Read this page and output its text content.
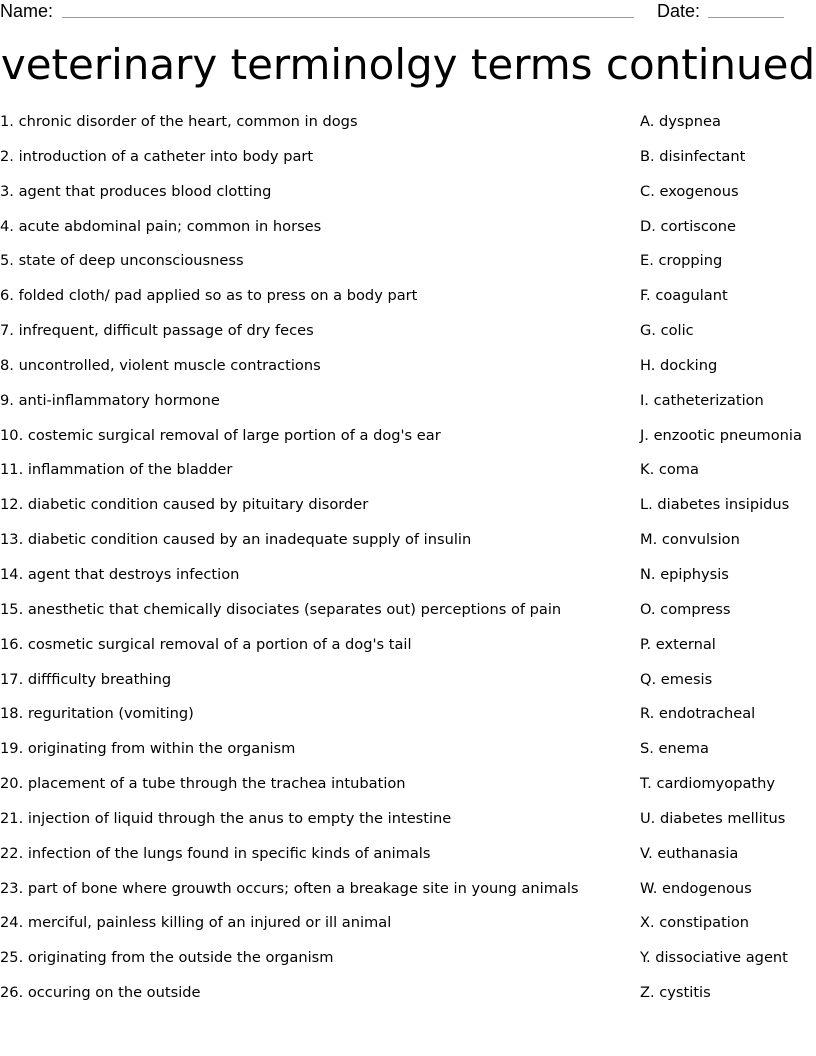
Name:	Date:
veterinary terminolgy terms continued
1. chronic disorder of the heart, common in dogs
2. introduction of a catheter into body part
3. agent that produces blood clotting
4. acute abdominal pain; common in horses
5. state of deep unconsciousness
6. folded cloth/ pad applied so as to press on a body part
7. infrequent, difficult passage of dry feces
8. uncontrolled, violent muscle contractions
9. anti-inflammatory hormone
10. costemic surgical removal of large portion of a dog's ear
11. inflammation of the bladder
12. diabetic condition caused by pituitary disorder
13. diabetic condition caused by an inadequate supply of insulin
14. agent that destroys infection
15. anesthetic that chemically disociates (separates out) perceptions of pain
16. cosmetic surgical removal of a portion of a dog's tail
17. diffficulty breathing
18. reguritation (vomiting)
19. originating from within the organism
20. placement of a tube through the trachea intubation
21. injection of liquid through the anus to empty the intestine
22. infection of the lungs found in specific kinds of animals
23. part of bone where grouwth occurs; often a breakage site in young animals
24. merciful, painless killing of an injured or ill animal
25. originating from the outside the organism
26. occuring on the outside
A. dyspnea
B. disinfectant
C. exogenous
D. cortiscone
E. cropping
F. coagulant
G. colic
H. docking
I. catheterization
J. enzootic pneumonia
K. coma
L. diabetes insipidus
M. convulsion
N. epiphysis
O. compress
P. external
Q. emesis
R. endotracheal
S. enema
T. cardiomyopathy
U. diabetes mellitus
V. euthanasia
W. endogenous
X. constipation
Y. dissociative agent
Z. cystitis
